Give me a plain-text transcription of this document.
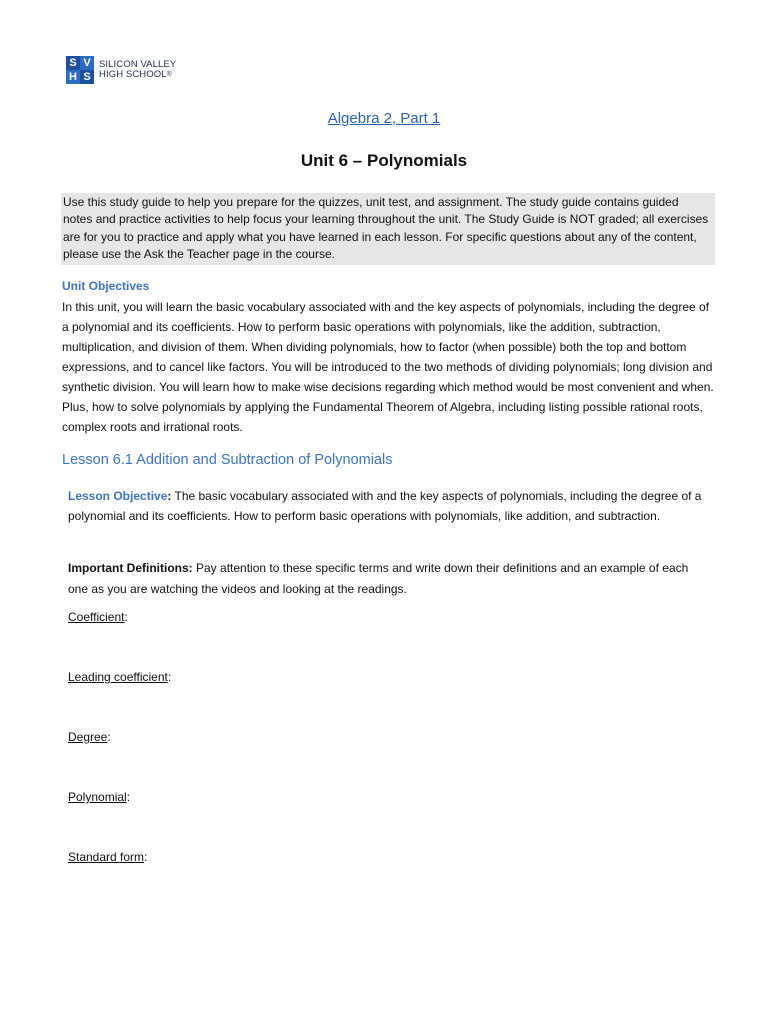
S V
H S
SILICON VALLEY
HIGH SCHOOL®
Algebra 2, Part 1
Unit 6 – Polynomials
Use this study guide to help you prepare for the quizzes, unit test, and assignment. The study guide contains guided notes and practice activities to help focus your learning throughout the unit. The Study Guide is NOT graded; all exercises are for you to practice and apply what you have learned in each lesson. For specific questions about any of the content, please use the Ask the Teacher page in the course.
Unit Objectives
In this unit, you will learn the basic vocabulary associated with and the key aspects of polynomials, including the degree of a polynomial and its coefficients. How to perform basic operations with polynomials, like the addition, subtraction, multiplication, and division of them. When dividing polynomials, how to factor (when possible) both the top and bottom expressions, and to cancel like factors. You will be introduced to the two methods of dividing polynomials; long division and synthetic division. You will learn how to make wise decisions regarding which method would be most convenient and when. Plus, how to solve polynomials by applying the Fundamental Theorem of Algebra, including listing possible rational roots, complex roots and irrational roots.
Lesson 6.1 Addition and Subtraction of Polynomials
Lesson Objective: The basic vocabulary associated with and the key aspects of polynomials, including the degree of a polynomial and its coefficients. How to perform basic operations with polynomials, like addition, and subtraction.
Important Definitions: Pay attention to these specific terms and write down their definitions and an example of each one as you are watching the videos and looking at the readings.
Coefficient:
Leading coefficient:
Degree:
Polynomial:
Standard form:
